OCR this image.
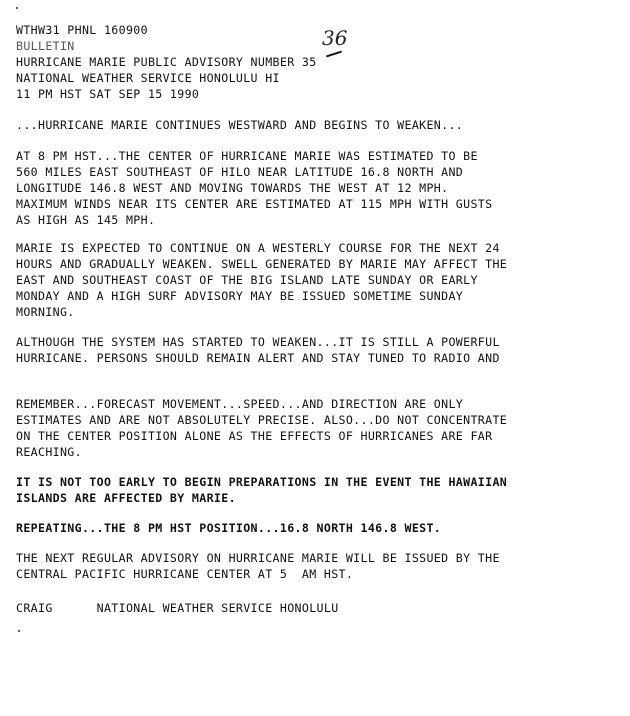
WTHW31 PHNL 160900
BULLETIN
HURRICANE MARIE PUBLIC ADVISORY NUMBER 35
36
NATIONAL WEATHER SERVICE HONOLULU HI
11 PM HST SAT SEP 15 1990
...HURRICANE MARIE CONTINUES WESTWARD AND BEGINS TO WEAKEN...
AT 8 PM HST...THE CENTER OF HURRICANE MARIE WAS ESTIMATED TO BE
560 MILES EAST SOUTHEAST OF HILO NEAR LATITUDE 16.8 NORTH AND
LONGITUDE 146.8 WEST AND MOVING TOWARDS THE WEST AT 12 MPH.
MAXIMUM WINDS NEAR ITS CENTER ARE ESTIMATED AT 115 MPH WITH GUSTS
AS HIGH AS 145 MPH.
MARIE IS EXPECTED TO CONTINUE ON A WESTERLY COURSE FOR THE NEXT 24
HOURS AND GRADUALLY WEAKEN. SWELL GENERATED BY MARIE MAY AFFECT THE
EAST AND SOUTHEAST COAST OF THE BIG ISLAND LATE SUNDAY OR EARLY
MONDAY AND A HIGH SURF ADVISORY MAY BE ISSUED SOMETIME SUNDAY
MORNING.
ALTHOUGH THE SYSTEM HAS STARTED TO WEAKEN...IT IS STILL A POWERFUL
HURRICANE. PERSONS SHOULD REMAIN ALERT AND STAY TUNED TO RADIO AND
REMEMBER...FORECAST MOVEMENT...SPEED...AND DIRECTION ARE ONLY
ESTIMATES AND ARE NOT ABSOLUTELY PRECISE. ALSO...DO NOT CONCENTRATE
ON THE CENTER POSITION ALONE AS THE EFFECTS OF HURRICANES ARE FAR
REACHING.
IT IS NOT TOO EARLY TO BEGIN PREPARATIONS IN THE EVENT THE HAWAIIAN
ISLANDS ARE AFFECTED BY MARIE.
REPEATING...THE 8 PM HST POSITION...16.8 NORTH 146.8 WEST.
THE NEXT REGULAR ADVISORY ON HURRICANE MARIE WILL BE ISSUED BY THE
CENTRAL PACIFIC HURRICANE CENTER AT 5  AM HST.
CRAIG      NATIONAL WEATHER SERVICE HONOLULU
